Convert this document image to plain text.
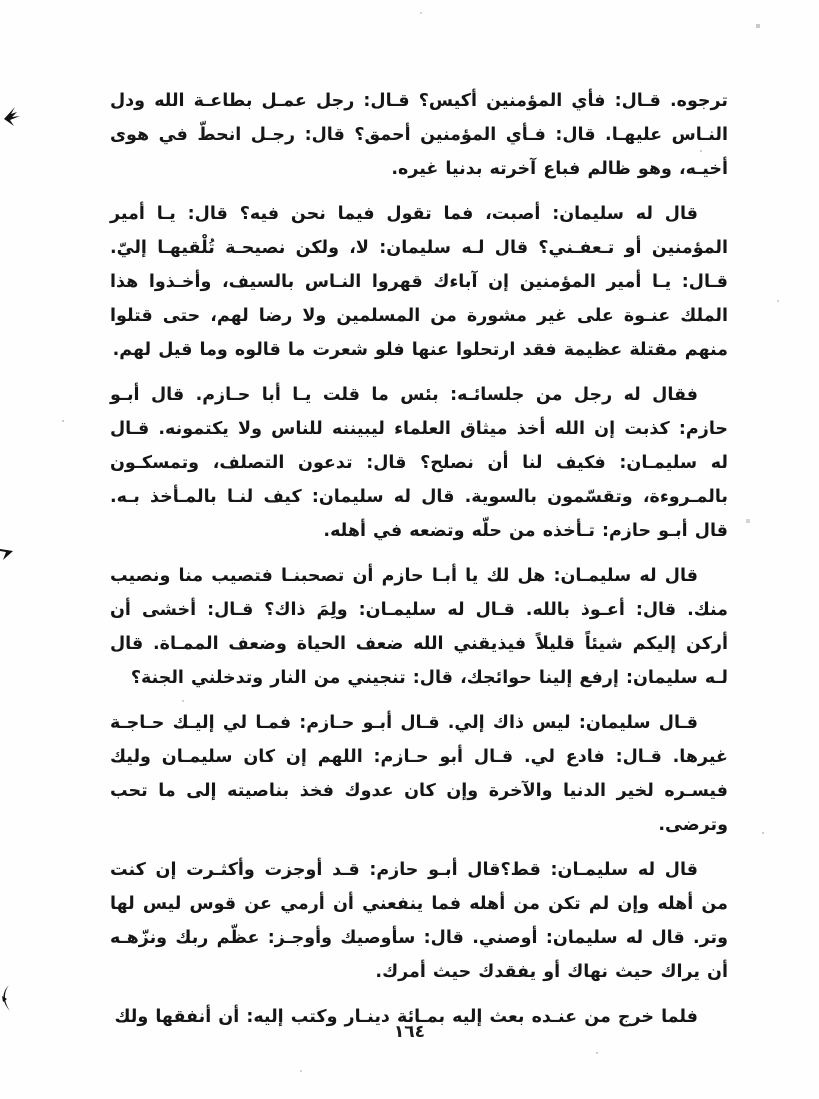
ترجوه. قـال: فأي المؤمنين أكيس؟ قـال: رجل عمـل بطاعـة الله ودل النـاس عليهـا. قال: فـأي المؤمنين أحمق؟ قال: رجـل انحطّ في هوى أخيـه، وهو ظالم فباع آخرته بدنيا غيره.

قال له سليمان: أصبت، فما تقول فيما نحن فيه؟ قال: يـا أمير المؤمنين أو تـعفـني؟ قال لـه سليمان: لا، ولكن نصيحـة تُلْقيهـا إليّ. قـال: يـا أمير المؤمنين إن آباءك قهروا النـاس بالسيف، وأخـذوا هذا الملك عنـوة على غير مشورة من المسلمين ولا رضا لهم، حتى قتلوا منهم مقتلة عظيمة فقد ارتحلوا عنها فلو شعرت ما قالوه وما قيل لهم.

فقال له رجل من جلسائـه: بئس ما قلت يـا أبا حـازم. قال أبـو حازم: كذبت إن الله أخذ ميثاق العلماء ليبيننه للناس ولا يكتمونه. قـال له سليمـان: فكيف لنا أن نصلح؟ قال: تدعون التصلف، وتمسكـون بالمـروءة، وتقسّمون بالسوية. قال له سليمان: كيف لنـا بالمـأخذ بـه. قال أبـو حازم: تـأخذه من حلّه وتضعه في أهله.

قال له سليمـان: هل لك يا أبـا حازم أن تصحبنـا فتصيب منا ونصيب منك. قال: أعـوذ بالله. قـال له سليمـان: ولِمَ ذاك؟ قـال: أخشى أن أركن إليكم شيئاً قليلاً فيذيقني الله ضعف الحياة وضعف الممـاة. قال لـه سليمان: إرفع إلينا حوائجك، قال: تنجيني من النار وتدخلني الجنة؟

قـال سليمان: ليس ذاك إلي. قـال أبـو حـازم: فمـا لي إليـك حـاجـة غيرها. قـال: فادع لي. قـال أبو حـازم: اللهم إن كان سليمـان وليك فيسـره لخير الدنيا والآخرة وإن كان عدوك فخذ بناصيته إلى ما تحب وترضى.

قال له سليمـان: قط؟قال أبـو حازم: قـد أوجزت وأكثـرت إن كنت من أهله وإن لم تكن من أهله فما ينفعني أن أرمي عن قوس ليس لها وتر. قال له سليمان: أوصني. قال: سأوصيك وأوجـز: عظّم ربك ونزّهـه أن يراك حيث نهاك أو يفقدك حيث أمرك.

فلما خرج من عنـده بعث إليه بمـائة دينـار وكتب إليه: أن أنفقها ولك

١٦٤
